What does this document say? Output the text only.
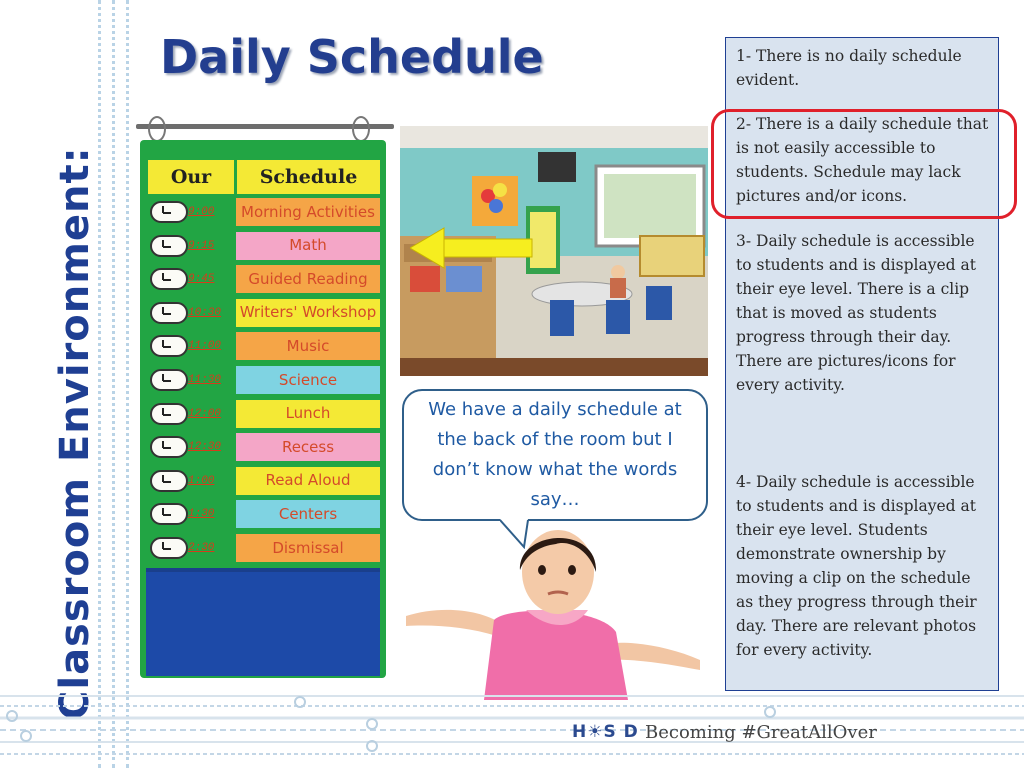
Classroom Environment:
Daily Schedule
Our	Schedule
9:00	Morning Activities
9:15	Math
9:45	Guided Reading
10:30	Writers' Workshop
11:00	Music
11:30	Science
12:00	Lunch
12:30	Recess
1:00	Read Aloud
1:30	Centers
2:30	Dismissal
We have a daily schedule at the back of the room but I don’t know what the words say…
1- There is no daily schedule evident.
2- There is a daily schedule that is not easily accessible to students. Schedule may lack pictures and/or icons.
3- Daily schedule is accessible to students and is displayed at their eye level. There is a clip that is moved as students progress through their day. There are pictures/icons for every activity.
4- Daily schedule is accessible to students and is displayed at their eye level. Students demonstrate ownership by moving a clip on the schedule as they progress through their day. There are relevant photos for every activity.
H☀S D Becoming #GreatAllOver
